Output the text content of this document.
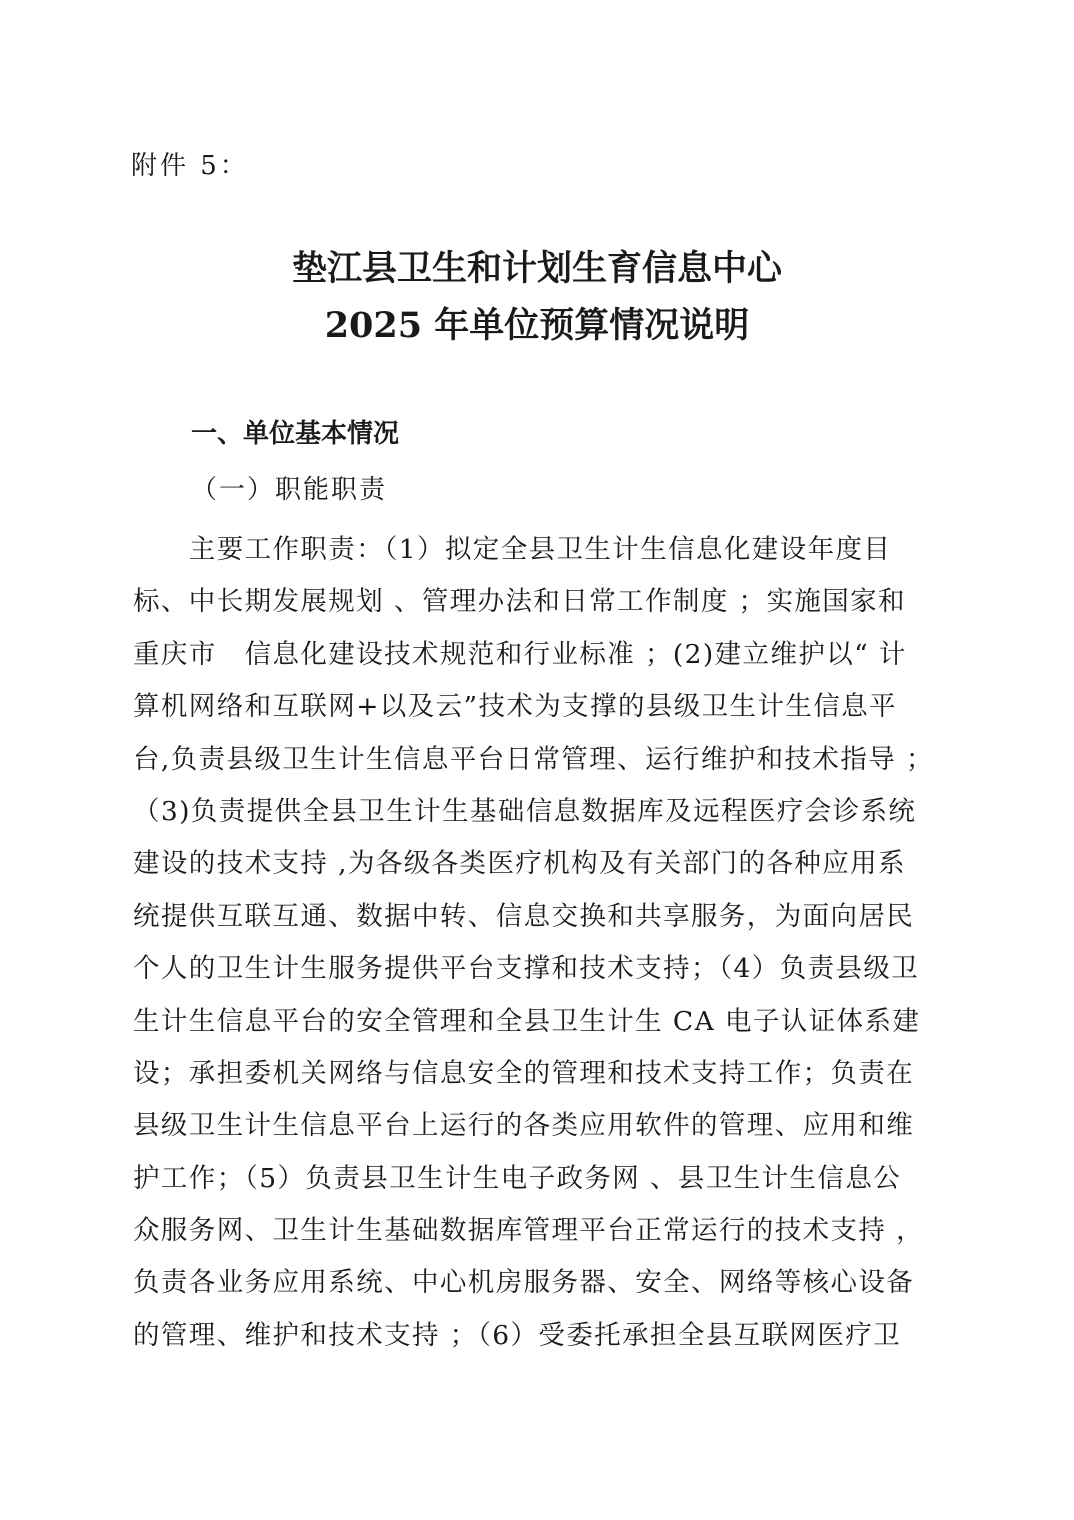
附件 5：
垫江县卫生和计划生育信息中心
2025 年单位预算情况说明
一、单位基本情况
（一）职能职责
　　主要工作职责：（1）拟定全县卫生计生信息化建设年度目
标、中长期发展规划 、管理办法和日常工作制度 ；实施国家和
重庆市　信息化建设技术规范和行业标准 ；(2)建立维护以“ 计
算机网络和互联网+以及云”技术为支撑的县级卫生计生信息平
台,负责县级卫生计生信息平台日常管理、运行维护和技术指导 ；
（3)负责提供全县卫生计生基础信息数据库及远程医疗会诊系统
建设的技术支持 ,为各级各类医疗机构及有关部门的各种应用系
统提供互联互通、数据中转、信息交换和共享服务，为面向居民
个人的卫生计生服务提供平台支撑和技术支持；（4）负责县级卫
生计生信息平台的安全管理和全县卫生计生 CA 电子认证体系建
设；承担委机关网络与信息安全的管理和技术支持工作；负责在
县级卫生计生信息平台上运行的各类应用软件的管理、应用和维
护工作；（5）负责县卫生计生电子政务网 、县卫生计生信息公
众服务网、卫生计生基础数据库管理平台正常运行的技术支持 ，
负责各业务应用系统、中心机房服务器、安全、网络等核心设备
的管理、维护和技术支持 ；（6）受委托承担全县互联网医疗卫
